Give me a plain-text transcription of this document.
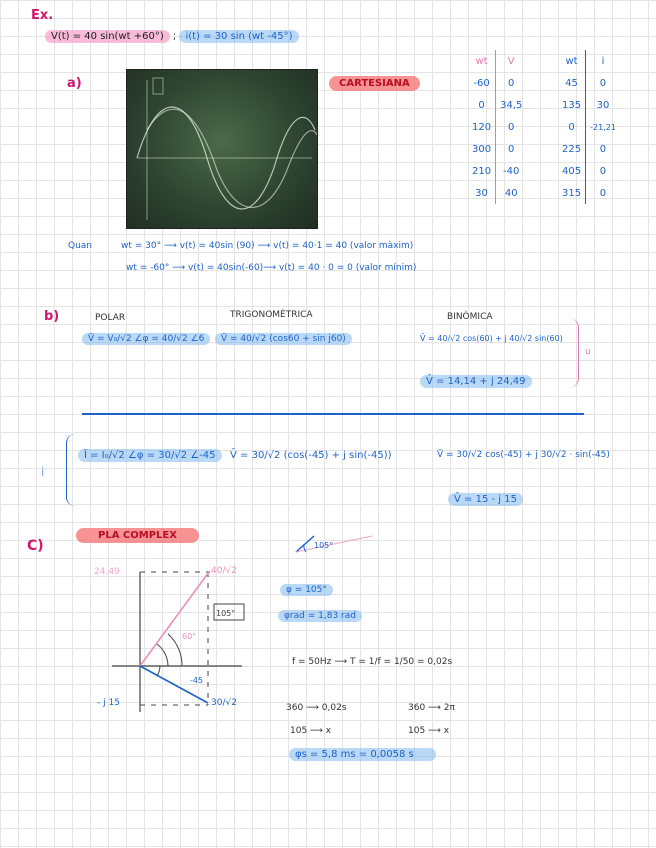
Ex.
V(t) = 40 sin(wt +60°) ; i(t) = 30 sin (wt -45°)
a)	CARTESIANA
wt	V
-60	0
0	34,5
120	0
300	0
210	-40
30	40
wt	i
45	0
135	30
0	-21,21
225	0
405	0
315	0
Quan	wt = 30° ⟶ v(t) = 40sin (90) ⟶ v(t) = 40·1 = 40 (valor màxim)
wt = -60° ⟶ v(t) = 40sin(-60)⟶ v(t) = 40 · 0 = 0 (valor mínim)
b)	POLAR	TRIGONOMÈTRICA	BINÒMICA
V̄ = V₀/√2 ∠φ = 40/√2 ∠6	V̄ = 40/√2 (cos60 + sin j60)	V̄ = 40/√2 cos(60) + j 40/√2 sin(60)
V̄ = 14,14 + j 24,49
u
i
Ī = I₀/√2 ∠φ = 30/√2 ∠-45	V̄ = 30/√2 (cos(-45) + j sin(-45))	V̄ = 30/√2 cos(-45) + j 30/√2 · sin(-45)
V̄ = 15 - j 15
C)
PLA COMPLEX
105°
24,49	40/√2
30/√2
- j 15
60°
-45
105°
φ = 105°
φrad = 1,83 rad
f = 50Hz ⟶ T = 1/f = 1/50 = 0,02s
360 ⟶ 0,02s	360 ⟶ 2π
105 ⟶ x	105 ⟶ x
φs = 5,8 ms = 0,0058 s
